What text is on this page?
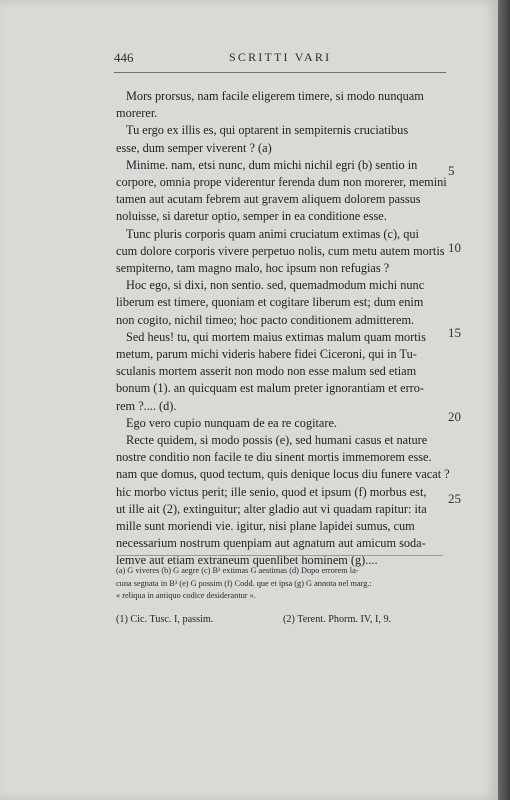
446	SCRITTI VARI
Mors prorsus, nam facile eligerem timere, si modo nunquam
morerer.
Tu ergo ex illis es, qui optarent in sempiternis cruciatibus
esse, dum semper viverent ? (a)
Minime. nam, etsi nunc, dum michi nichil egri (b) sentio in
corpore, omnia prope viderentur ferenda dum non morerer, memini
tamen aut acutam febrem aut gravem aliquem dolorem passus
noluisse, si daretur optio, semper in ea conditione esse.
Tunc pluris corporis quam animi cruciatum extimas (c), qui
cum dolore corporis vivere perpetuo nolis, cum metu autem mortis
sempiterno, tam magno malo, hoc ipsum non refugias ?
Hoc ego, si dixi, non sentio. sed, quemadmodum michi nunc
liberum est timere, quoniam et cogitare liberum est; dum enim
non cogito, nichil timeo; hoc pacto conditionem admitterem.
Sed heus! tu, qui mortem maius extimas malum quam mortis
metum, parum michi videris habere fidei Ciceroni, qui in Tu-
sculanis mortem asserit non modo non esse malum sed etiam
bonum (1). an quicquam est malum preter ignorantiam et erro-
rem ?.... (d).
Ego vero cupio nunquam de ea re cogitare.
Recte quidem, si modo possis (e), sed humani casus et nature
nostre conditio non facile te diu sinent mortis immemorem esse.
nam que domus, quod tectum, quis denique locus diu funere vacat ?
hic morbo victus perit; ille senio, quod et ipsum (f) morbus est,
ut ille ait (2), extinguitur; alter gladio aut vi quadam rapitur: ita
mille sunt moriendi vie. igitur, nisi plane lapidei sumus, cum
necessarium nostrum quenpiam aut agnatum aut amicum soda-
lemve aut etiam extraneum quenlibet hominem (g)....
5
10
15
20
25
(a) G viveres (b) G aegre (c) B³ extimas G aestimas (d) Dopo errorem la-
cuna segnata in B³ (e) G possim (f) Codd. que et ipsa (g) G annota nel marg.:
« reliqua in antiquo codice desiderantur ».
(1) Cic. Tusc. I, passim.	(2) Terent. Phorm. IV, I, 9.
